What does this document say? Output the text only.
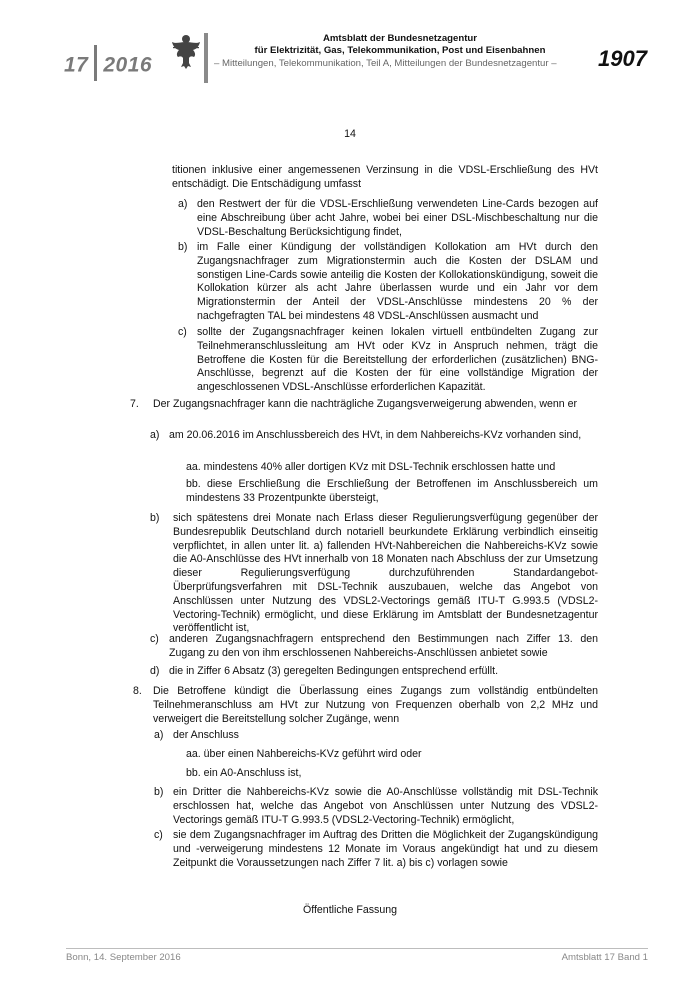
17 2016
Amtsblatt der Bundesnetzagentur
für Elektrizität, Gas, Telekommunikation, Post und Eisenbahnen
– Mitteilungen, Telekommunikation, Teil A, Mitteilungen der Bundesnetzagentur – 1907
14
titionen inklusive einer angemessenen Verzinsung in die VDSL-Erschließung des HVt entschädigt. Die Entschädigung umfasst
a) den Restwert der für die VDSL-Erschließung verwendeten Line-Cards bezogen auf eine Abschreibung über acht Jahre, wobei bei einer DSL-Mischbeschaltung nur die VDSL-Beschaltung Berücksichtigung findet,
b) im Falle einer Kündigung der vollständigen Kollokation am HVt durch den Zugangsnachfrager zum Migrationstermin auch die Kosten der DSLAM und sonstigen Line-Cards sowie anteilig die Kosten der Kollokationskündigung, soweit die Kollokation kürzer als acht Jahre überlassen wurde und ein Jahr vor dem Migrationstermin der Anteil der VDSL-Anschlüsse mindestens 20 % der nachgefragten TAL bei mindestens 48 VDSL-Anschlüssen ausmacht und
c) sollte der Zugangsnachfrager keinen lokalen virtuell entbündelten Zugang zur Teilnehmeranschlussleitung am HVt oder KVz in Anspruch nehmen, trägt die Betroffene die Kosten für die Bereitstellung der erforderlichen (zusätzlichen) BNG-Anschlüsse, begrenzt auf die Kosten der für eine vollständige Migration der angeschlossenen VDSL-Anschlüsse erforderlichen Kapazität.
7. Der Zugangsnachfrager kann die nachträgliche Zugangsverweigerung abwenden, wenn er
a) am 20.06.2016 im Anschlussbereich des HVt, in dem Nahbereichs-KVz vorhanden sind,
aa. mindestens 40% aller dortigen KVz mit DSL-Technik erschlossen hatte und
bb. diese Erschließung die Erschließung der Betroffenen im Anschlussbereich um mindestens 33 Prozentpunkte übersteigt,
b) sich spätestens drei Monate nach Erlass dieser Regulierungsverfügung gegenüber der Bundesrepublik Deutschland durch notariell beurkundete Erklärung verbindlich einseitig verpflichtet, in allen unter lit. a) fallenden HVt-Nahbereichen die Nahbereichs-KVz sowie die A0-Anschlüsse des HVt innerhalb von 18 Monaten nach Abschluss der zur Umsetzung dieser Regulierungsverfügung durchzuführenden Standardangebot-Überprüfungsverfahren mit DSL-Technik auszubauen, welche das Angebot von Anschlüssen unter Nutzung des VDSL2-Vectorings gemäß ITU-T G.993.5 (VDSL2-Vectoring-Technik) ermöglicht, und diese Erklärung im Amtsblatt der Bundesnetzagentur veröffentlicht ist,
c) anderen Zugangsnachfragern entsprechend den Bestimmungen nach Ziffer 13. den Zugang zu den von ihm erschlossenen Nahbereichs-Anschlüssen anbietet sowie
d) die in Ziffer 6 Absatz (3) geregelten Bedingungen entsprechend erfüllt.
8. Die Betroffene kündigt die Überlassung eines Zugangs zum vollständig entbündelten Teilnehmeranschluss am HVt zur Nutzung von Frequenzen oberhalb von 2,2 MHz und verweigert die Bereitstellung solcher Zugänge, wenn
a) der Anschluss
aa. über einen Nahbereichs-KVz geführt wird oder
bb. ein A0-Anschluss ist,
b) ein Dritter die Nahbereichs-KVz sowie die A0-Anschlüsse vollständig mit DSL-Technik erschlossen hat, welche das Angebot von Anschlüssen unter Nutzung des VDSL2-Vectorings gemäß ITU-T G.993.5 (VDSL2-Vectoring-Technik) ermöglicht,
c) sie dem Zugangsnachfrager im Auftrag des Dritten die Möglichkeit der Zugangskündigung und -verweigerung mindestens 12 Monate im Voraus angekündigt hat und zu diesem Zeitpunkt die Voraussetzungen nach Ziffer 7 lit. a) bis c) vorlagen sowie
Öffentliche Fassung
Bonn, 14. September 2016	Amtsblatt 17 Band 1
